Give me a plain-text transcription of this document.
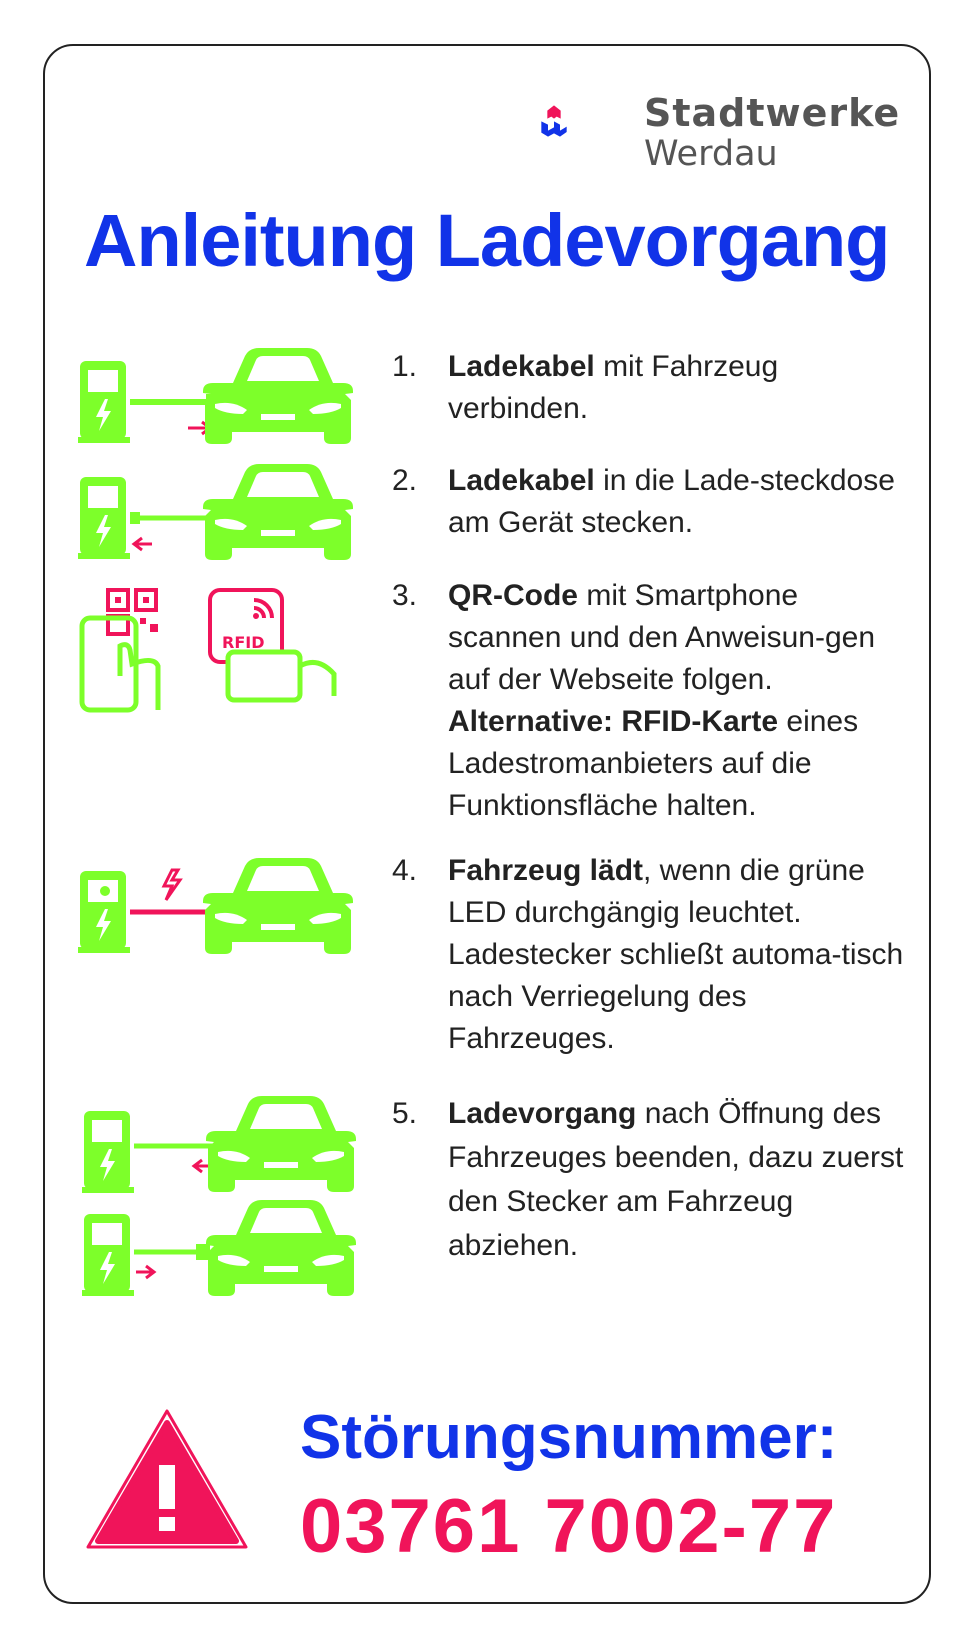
Stadtwerke
Werdau
Anleitung Ladevorgang
1.	Ladekabel mit Fahrzeug verbinden.
2.	Ladekabel in die Lade-steckdose am Gerät stecken.
RFID
3.	QR-Code mit Smartphone scannen und den Anweisun-gen auf der Webseite folgen. Alternative: RFID-Karte eines Ladestromanbieters auf die Funktionsfläche halten.
4.	Fahrzeug lädt, wenn die grüne LED durchgängig leuchtet. Ladestecker schließt automa-tisch nach Verriegelung des Fahrzeuges.
5.	Ladevorgang nach Öffnung des Fahrzeuges beenden, dazu zuerst den Stecker am Fahrzeug abziehen.

Störungsnummer:

03761 7002-77
